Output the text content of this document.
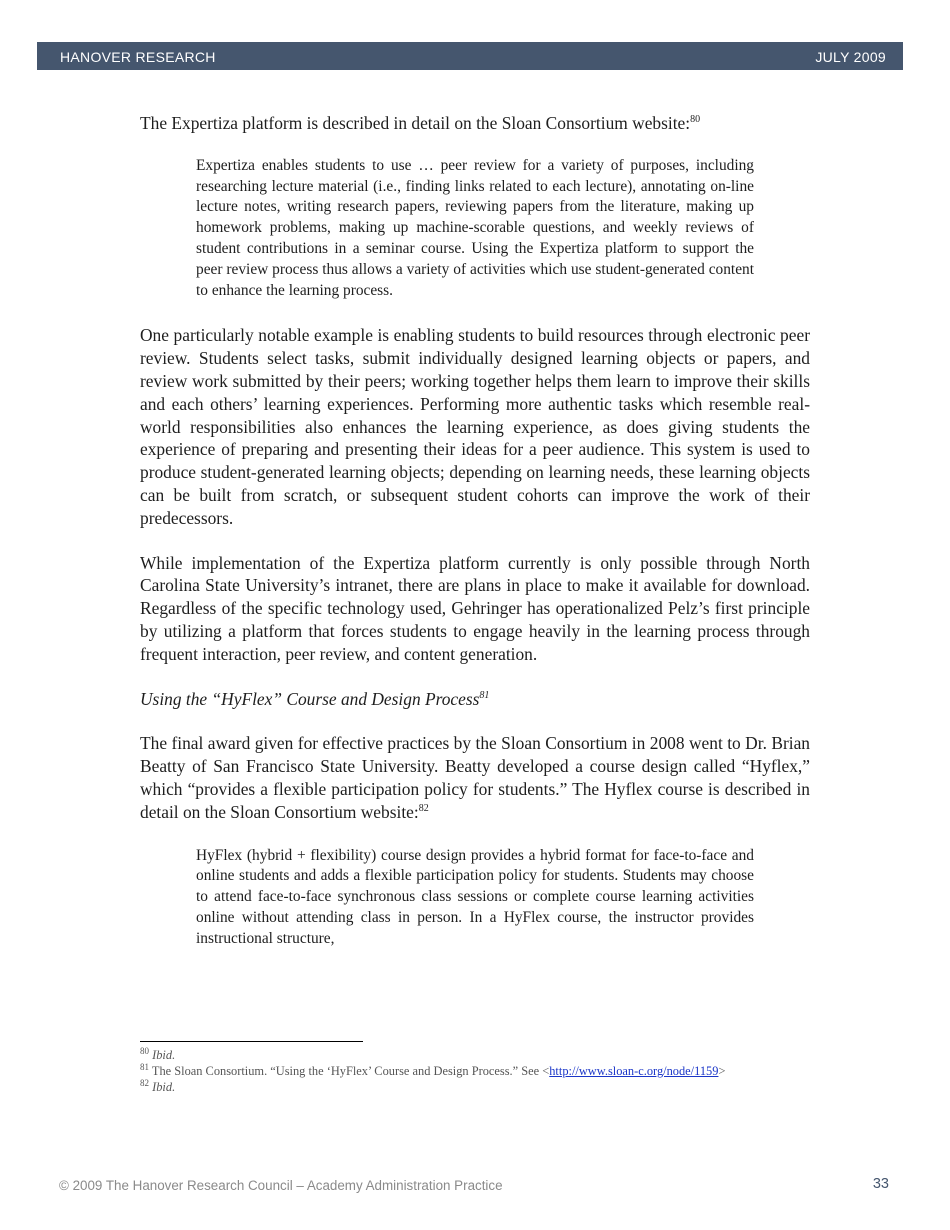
HANOVER RESEARCH	JULY 2009

The Expertiza platform is described in detail on the Sloan Consortium website:$^{80}$

Expertiza enables students to use … peer review for a variety of purposes, including researching lecture material (i.e., finding links related to each lecture), annotating on-line lecture notes, writing research papers, reviewing papers from the literature, making up homework problems, making up machine-scorable questions, and weekly reviews of student contributions in a seminar course. Using the Expertiza platform to support the peer review process thus allows a variety of activities which use student-generated content to enhance the learning process.

One particularly notable example is enabling students to build resources through electronic peer review. Students select tasks, submit individually designed learning objects or papers, and review work submitted by their peers; working together helps them learn to improve their skills and each others’ learning experiences. Performing more authentic tasks which resemble real-world responsibilities also enhances the learning experience, as does giving students the experience of preparing and presenting their ideas for a peer audience. This system is used to produce student-generated learning objects; depending on learning needs, these learning objects can be built from scratch, or subsequent student cohorts can improve the work of their predecessors.

While implementation of the Expertiza platform currently is only possible through North Carolina State University’s intranet, there are plans in place to make it available for download. Regardless of the specific technology used, Gehringer has operationalized Pelz’s first principle by utilizing a platform that forces students to engage heavily in the learning process through frequent interaction, peer review, and content generation.

Using the “HyFlex” Course and Design Process$^{81}$

The final award given for effective practices by the Sloan Consortium in 2008 went to Dr. Brian Beatty of San Francisco State University. Beatty developed a course design called “Hyflex,” which “provides a flexible participation policy for students.” The Hyflex course is described in detail on the Sloan Consortium website:$^{82}$

HyFlex (hybrid + flexibility) course design provides a hybrid format for face-to-face and online students and adds a flexible participation policy for students. Students may choose to attend face-to-face synchronous class sessions or complete course learning activities online without attending class in person. In a HyFlex course, the instructor provides instructional structure,

$^{80}$ Ibid.
$^{81}$ The Sloan Consortium. “Using the ‘HyFlex’ Course and Design Process.” See <http://www.sloan-c.org/node/1159>
$^{82}$ Ibid.
© 2009 The Hanover Research Council – Academy Administration Practice	33
